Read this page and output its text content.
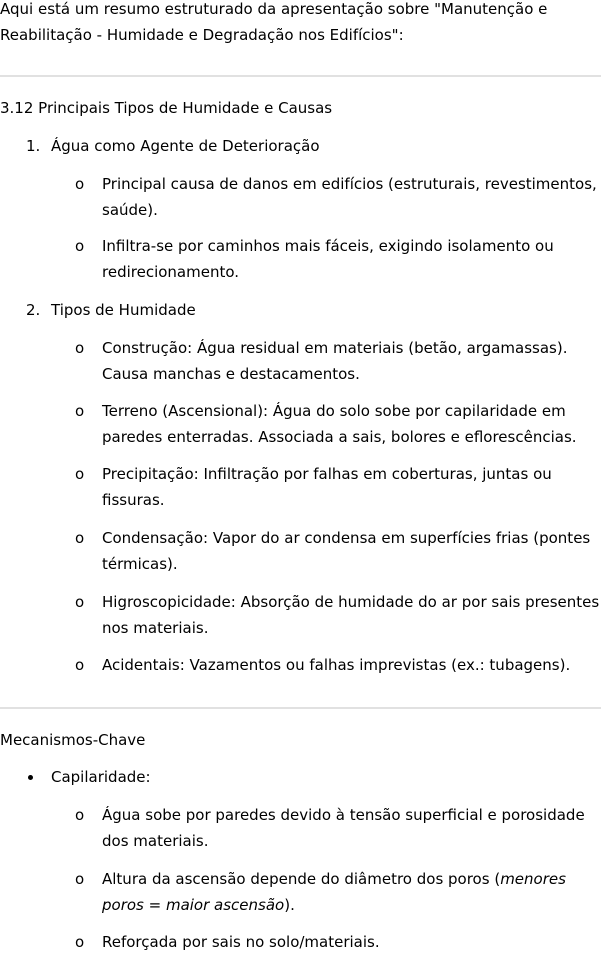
Aqui está um resumo estruturado da apresentação sobre "Manutenção e
Reabilitação - Humidade e Degradação nos Edifícios":
3.12 Principais Tipos de Humidade e Causas
1. Água como Agente de Deterioração
o Principal causa de danos em edifícios (estruturais, revestimentos,
saúde).
o Infiltra-se por caminhos mais fáceis, exigindo isolamento ou
redirecionamento.
2. Tipos de Humidade
o Construção: Água residual em materiais (betão, argamassas).
Causa manchas e destacamentos.
o Terreno (Ascensional): Água do solo sobe por capilaridade em
paredes enterradas. Associada a sais, bolores e eflorescências.
o Precipitação: Infiltração por falhas em coberturas, juntas ou
fissuras.
o Condensação: Vapor do ar condensa em superfícies frias (pontes
térmicas).
o Higroscopicidade: Absorção de humidade do ar por sais presentes
nos materiais.
o Acidentais: Vazamentos ou falhas imprevistas (ex.: tubagens).
Mecanismos-Chave
Capilaridade:
o Água sobe por paredes devido à tensão superficial e porosidade
dos materiais.
o Altura da ascensão depende do diâmetro dos poros (menores
poros = maior ascensão).
o Reforçada por sais no solo/materiais.
